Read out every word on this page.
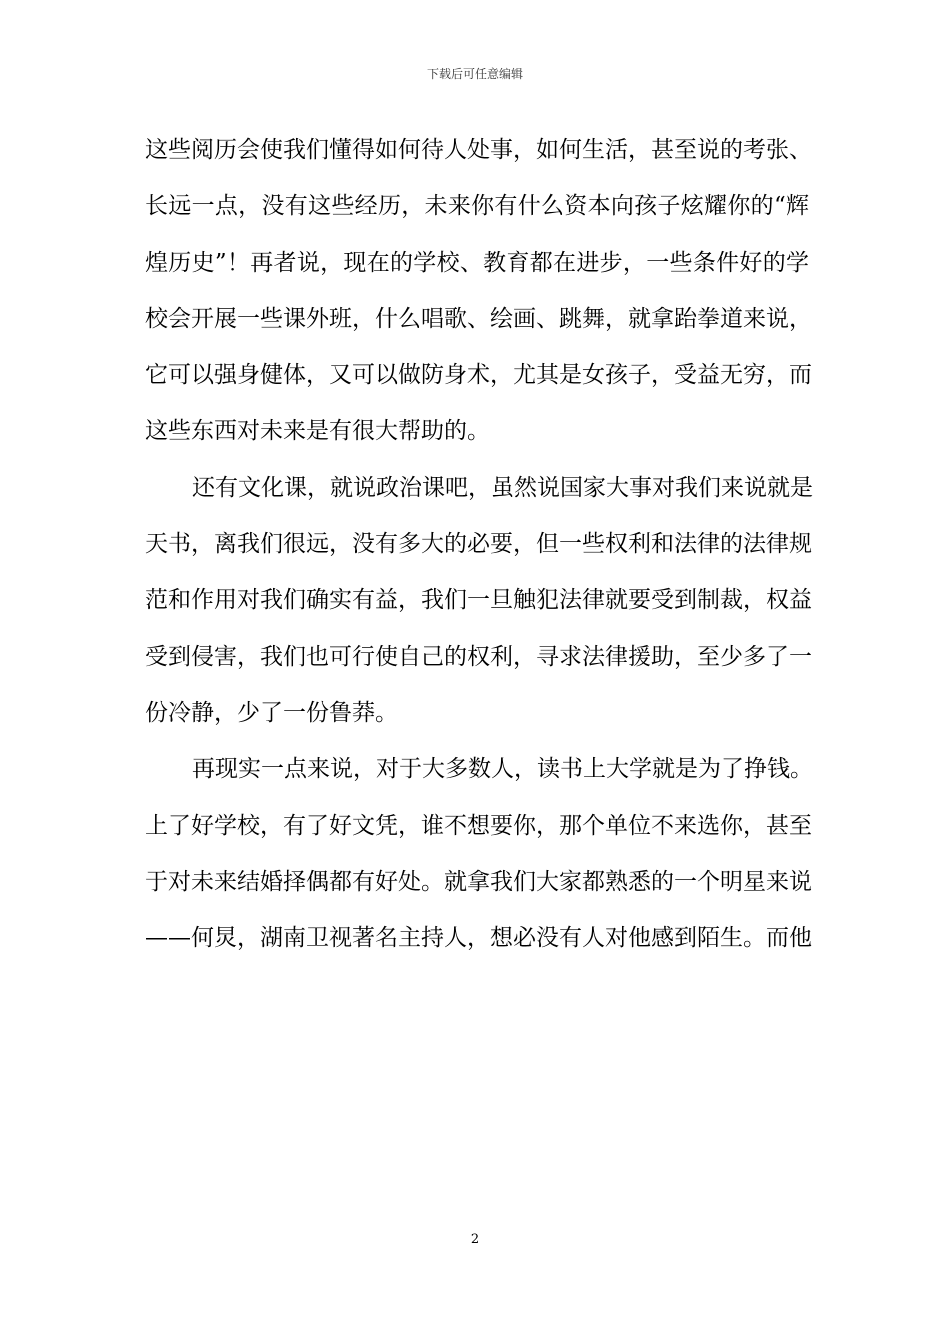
下载后可任意编辑
这些阅历会使我们懂得如何待人处事，如何生活，甚至说的考张、
长远一点，没有这些经历，未来你有什么资本向孩子炫耀你的“辉
煌历史”！再者说，现在的学校、教育都在进步，一些条件好的学
校会开展一些课外班，什么唱歌、绘画、跳舞，就拿跆拳道来说，
它可以强身健体，又可以做防身术，尤其是女孩子，受益无穷，而
这些东西对未来是有很大帮助的。
还有文化课，就说政治课吧，虽然说国家大事对我们来说就是
天书，离我们很远，没有多大的必要，但一些权利和法律的法律规
范和作用对我们确实有益，我们一旦触犯法律就要受到制裁，权益
受到侵害，我们也可行使自己的权利，寻求法律援助，至少多了一
份冷静，少了一份鲁莽。
再现实一点来说，对于大多数人，读书上大学就是为了挣钱。
上了好学校，有了好文凭，谁不想要你，那个单位不来选你，甚至
于对未来结婚择偶都有好处。就拿我们大家都熟悉的一个明星来说
——何炅，湖南卫视著名主持人，想必没有人对他感到陌生。而他
2
